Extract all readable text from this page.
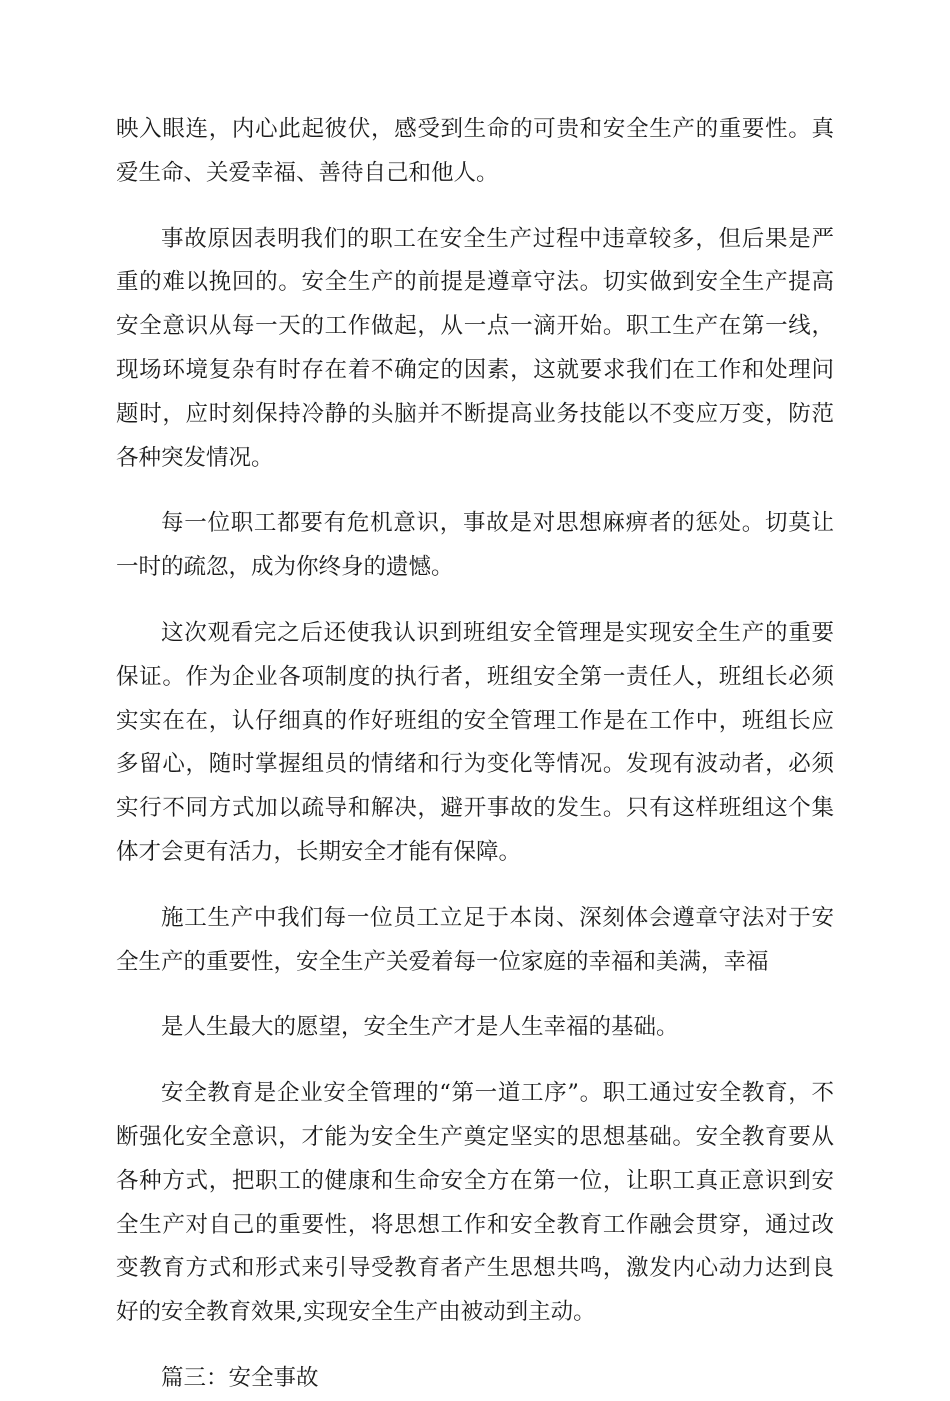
映入眼连，内心此起彼伏，感受到生命的可贵和安全生产的重要性。真爱生命、关爱幸福、善待自己和他人。

事故原因表明我们的职工在安全生产过程中违章较多，但后果是严重的难以挽回的。安全生产的前提是遵章守法。切实做到安全生产提高安全意识从每一天的工作做起，从一点一滴开始。职工生产在第一线，现场环境复杂有时存在着不确定的因素，这就要求我们在工作和处理问题时，应时刻保持冷静的头脑并不断提高业务技能以不变应万变，防范各种突发情况。

每一位职工都要有危机意识，事故是对思想麻痹者的惩处。切莫让一时的疏忽，成为你终身的遗憾。

这次观看完之后还使我认识到班组安全管理是实现安全生产的重要保证。作为企业各项制度的执行者，班组安全第一责任人，班组长必须实实在在，认仔细真的作好班组的安全管理工作是在工作中，班组长应多留心，随时掌握组员的情绪和行为变化等情况。发现有波动者，必须实行不同方式加以疏导和解决，避开事故的发生。只有这样班组这个集体才会更有活力，长期安全才能有保障。

施工生产中我们每一位员工立足于本岗、深刻体会遵章守法对于安全生产的重要性，安全生产关爱着每一位家庭的幸福和美满，幸福

是人生最大的愿望，安全生产才是人生幸福的基础。

安全教育是企业安全管理的“第一道工序”。职工通过安全教育，不断强化安全意识，才能为安全生产奠定坚实的思想基础。安全教育要从各种方式，把职工的健康和生命安全方在第一位，让职工真正意识到安全生产对自己的重要性，将思想工作和安全教育工作融会贯穿，通过改变教育方式和形式来引导受教育者产生思想共鸣，激发内心动力达到良好的安全教育效果,实现安全生产由被动到主动。

篇三：安全事故
